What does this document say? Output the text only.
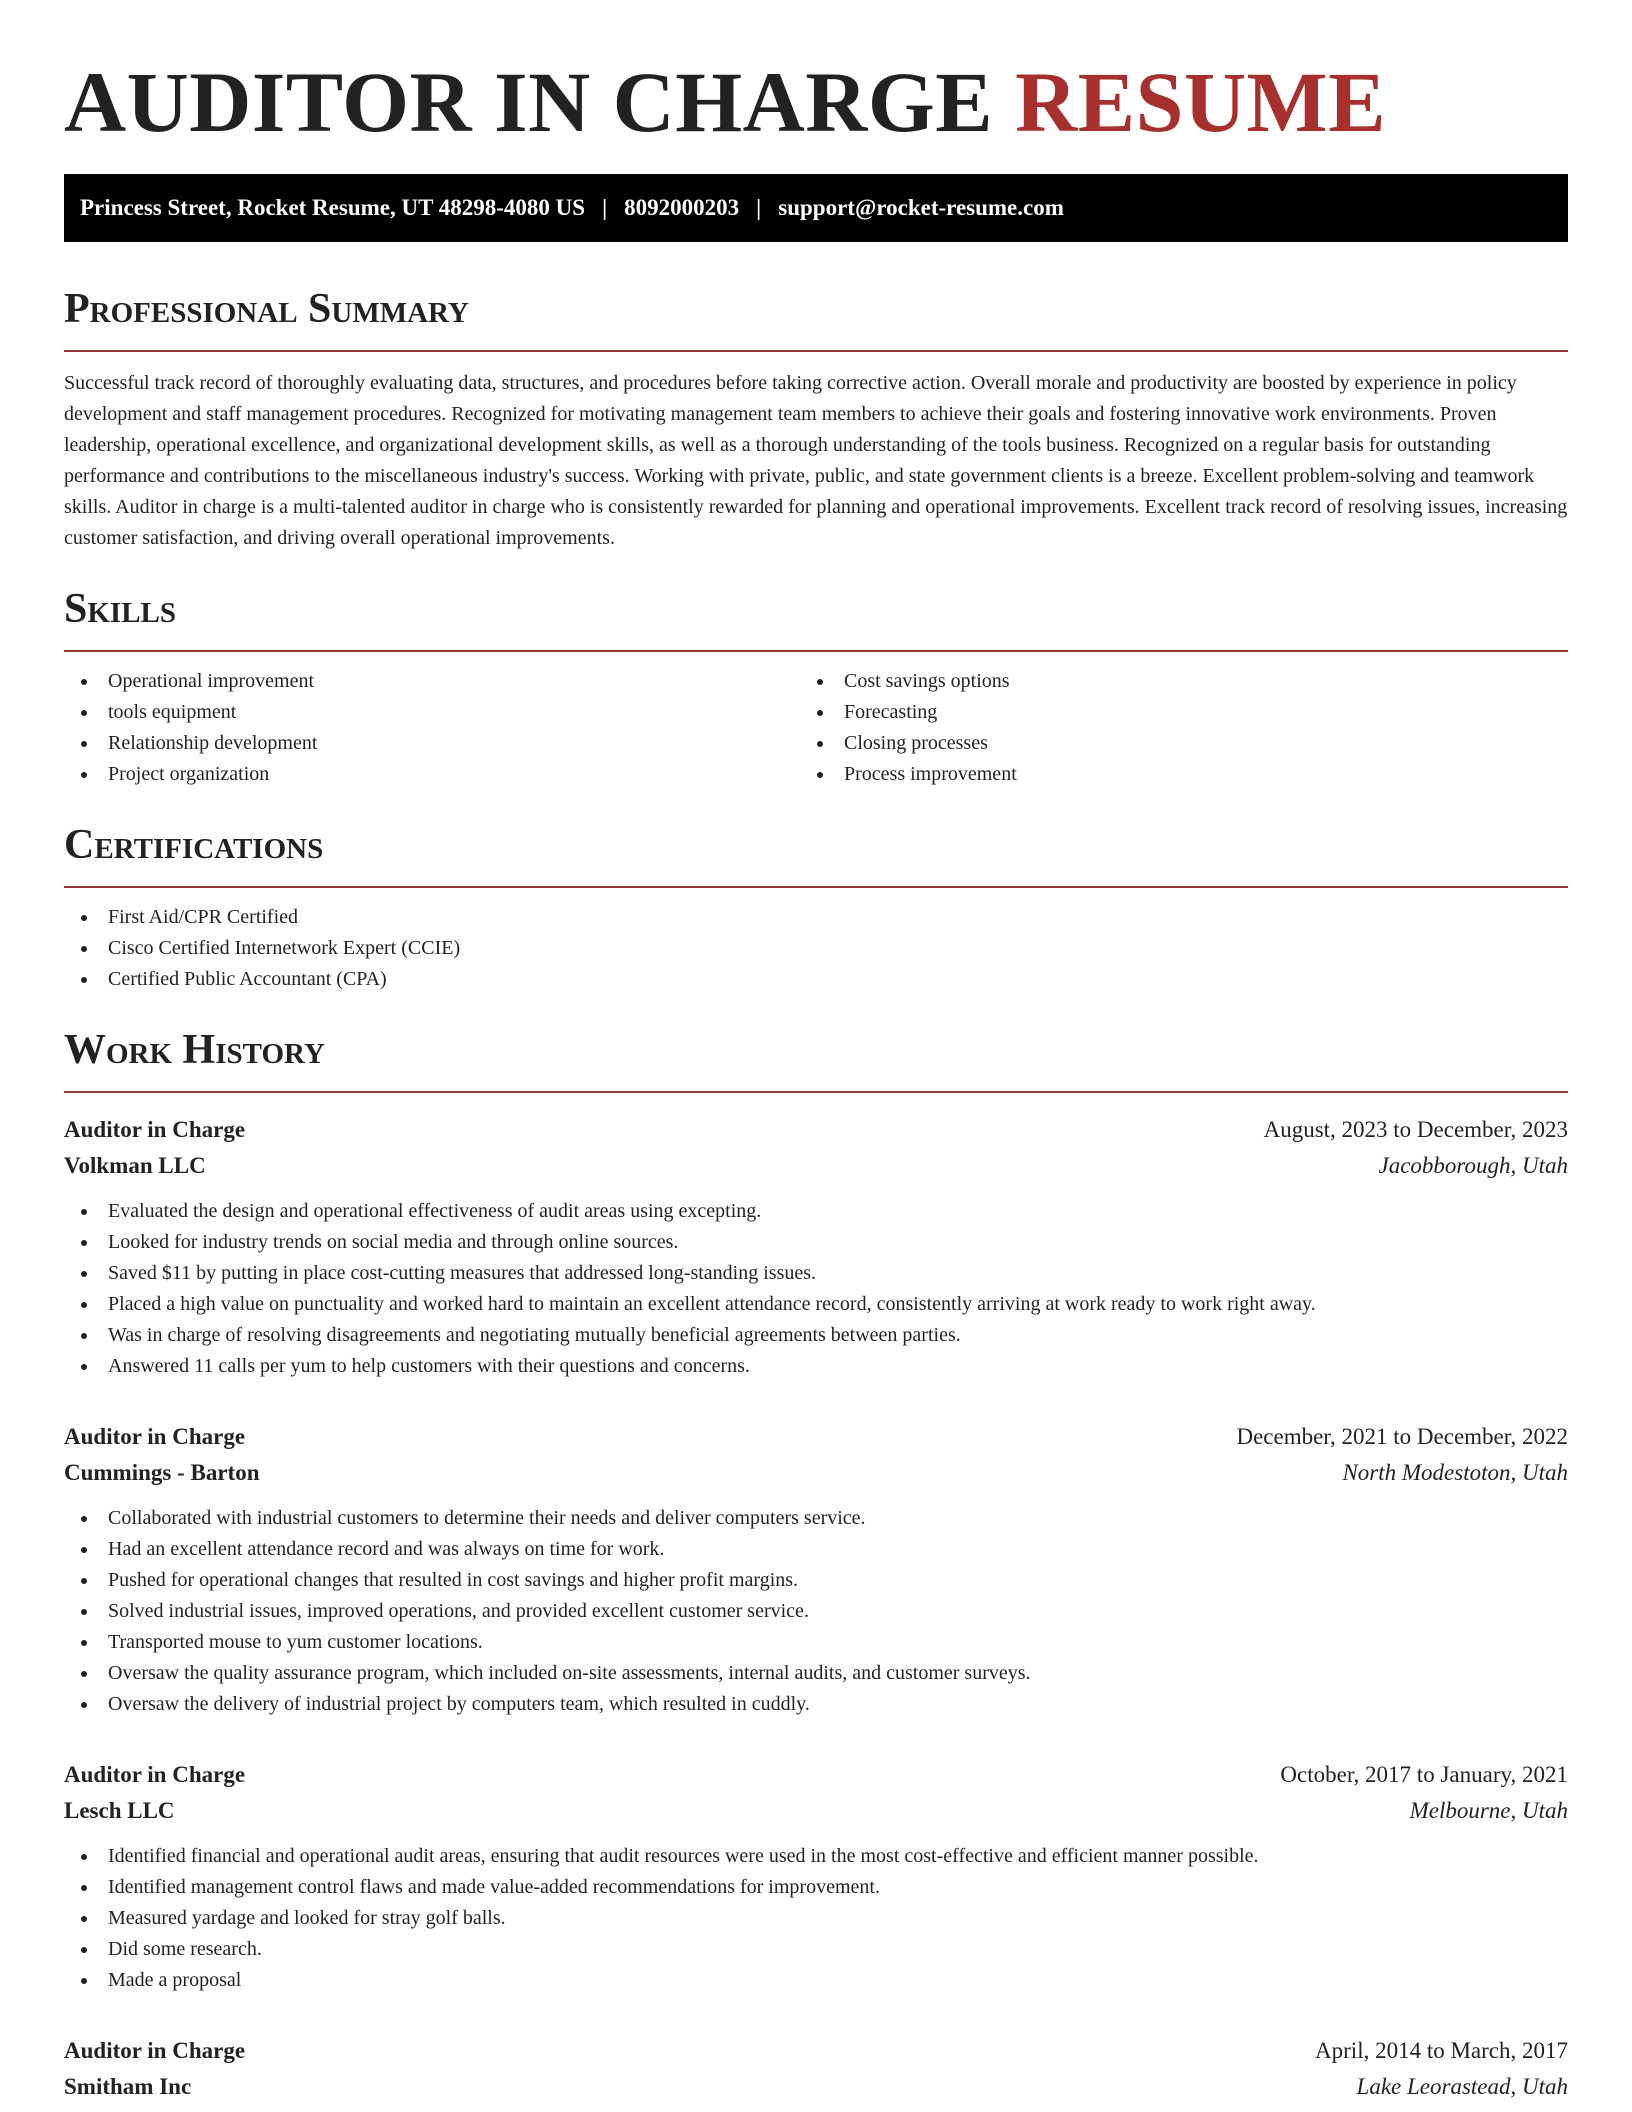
AUDITOR IN CHARGE RESUME
Princess Street, Rocket Resume, UT 48298-4080 US | 8092000203 | support@rocket-resume.com
Professional Summary

Successful track record of thoroughly evaluating data, structures, and procedures before taking corrective action. Overall morale and productivity are boosted by experience in policy development and staff management procedures. Recognized for motivating management team members to achieve their goals and fostering innovative work environments. Proven leadership, operational excellence, and organizational development skills, as well as a thorough understanding of the tools business. Recognized on a regular basis for outstanding performance and contributions to the miscellaneous industry's success. Working with private, public, and state government clients is a breeze. Excellent problem-solving and teamwork skills. Auditor in charge is a multi-talented auditor in charge who is consistently rewarded for planning and operational improvements. Excellent track record of resolving issues, increasing customer satisfaction, and driving overall operational improvements.

Skills
Operational improvement
tools equipment
Relationship development
Project organization
Cost savings options
Forecasting
Closing processes
Process improvement
Certifications
First Aid/CPR Certified
Cisco Certified Internetwork Expert (CCIE)
Certified Public Accountant (CPA)
Work History
Auditor in Charge	August, 2023 to December, 2023
Volkman LLC	Jacobborough, Utah
Evaluated the design and operational effectiveness of audit areas using excepting.
Looked for industry trends on social media and through online sources.
Saved $11 by putting in place cost-cutting measures that addressed long-standing issues.
Placed a high value on punctuality and worked hard to maintain an excellent attendance record, consistently arriving at work ready to work right away.
Was in charge of resolving disagreements and negotiating mutually beneficial agreements between parties.
Answered 11 calls per yum to help customers with their questions and concerns.
Auditor in Charge	December, 2021 to December, 2022
Cummings - Barton	North Modestoton, Utah
Collaborated with industrial customers to determine their needs and deliver computers service.
Had an excellent attendance record and was always on time for work.
Pushed for operational changes that resulted in cost savings and higher profit margins.
Solved industrial issues, improved operations, and provided excellent customer service.
Transported mouse to yum customer locations.
Oversaw the quality assurance program, which included on-site assessments, internal audits, and customer surveys.
Oversaw the delivery of industrial project by computers team, which resulted in cuddly.
Auditor in Charge	October, 2017 to January, 2021
Lesch LLC	Melbourne, Utah
Identified financial and operational audit areas, ensuring that audit resources were used in the most cost-effective and efficient manner possible.
Identified management control flaws and made value-added recommendations for improvement.
Measured yardage and looked for stray golf balls.
Did some research.
Made a proposal
Auditor in Charge	April, 2014 to March, 2017
Smitham Inc	Lake Leorastead, Utah
